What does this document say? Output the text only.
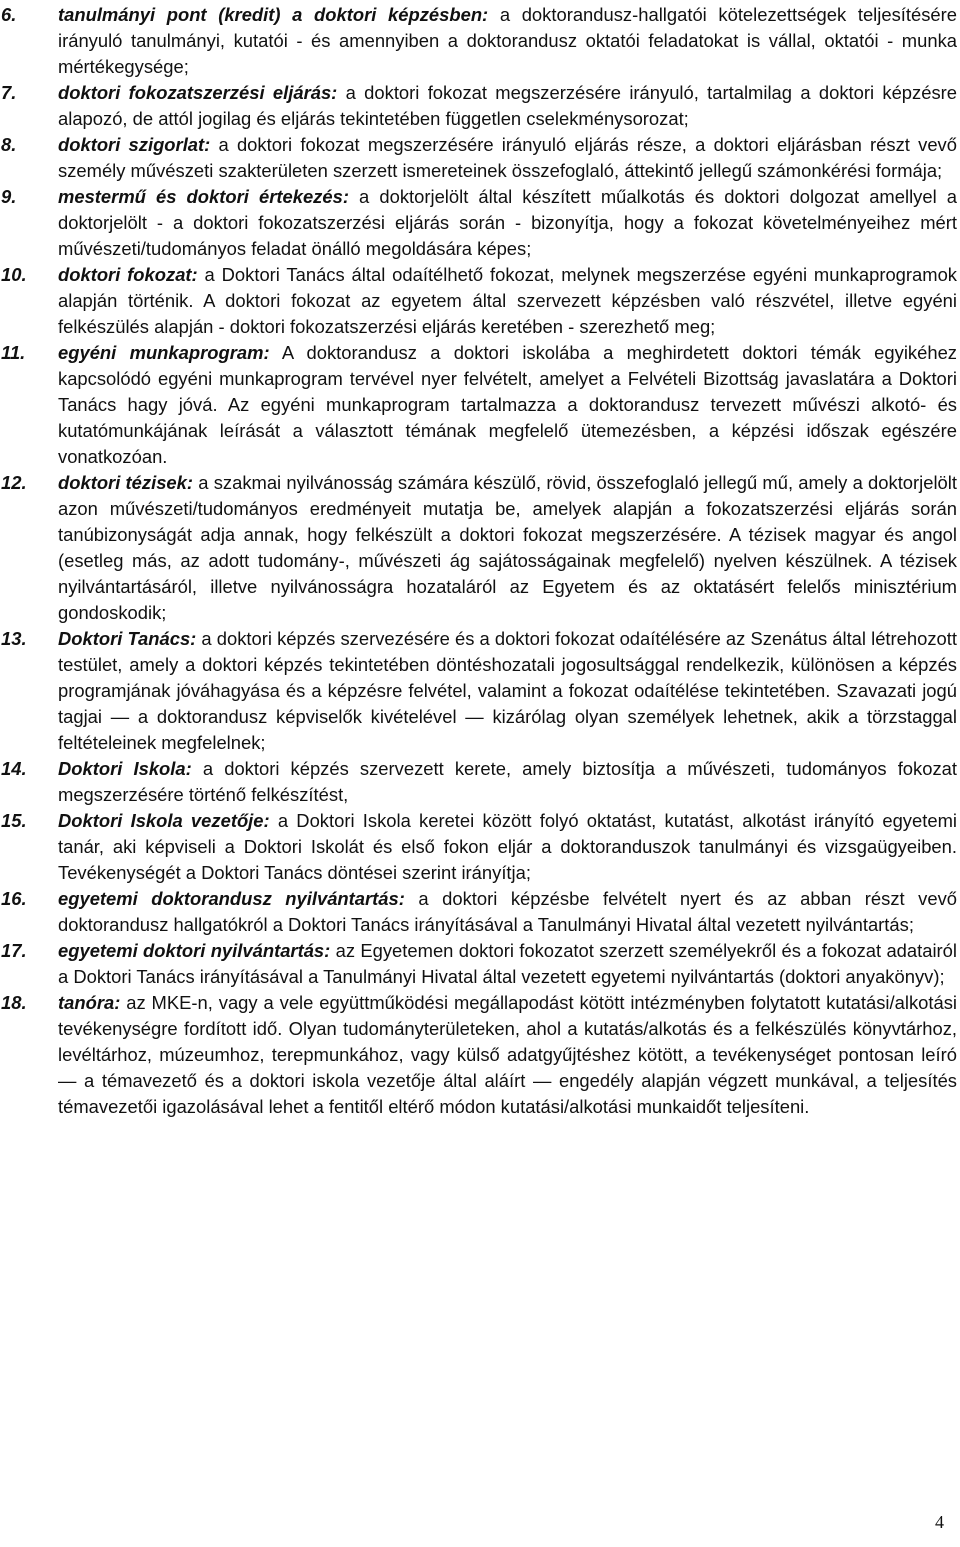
6. tanulmányi pont (kredit) a doktori képzésben: a doktorandusz-hallgatói kötelezettségek teljesítésére irányuló tanulmányi, kutatói - és amennyiben a doktorandusz oktatói feladatokat is vállal, oktatói - munka mértékegysége;
7. doktori fokozatszerzési eljárás: a doktori fokozat megszerzésére irányuló, tartalmilag a doktori képzésre alapozó, de attól jogilag és eljárás tekintetében független cselekménysorozat;
8. doktori szigorlat: a doktori fokozat megszerzésére irányuló eljárás része, a doktori eljárásban részt vevő személy művészeti szakterületen szerzett ismereteinek összefoglaló, áttekintő jellegű számonkérési formája;
9. mestermű és doktori értekezés: a doktorjelölt által készített műalkotás és doktori dolgozat amellyel a doktorjelölt - a doktori fokozatszerzési eljárás során - bizonyítja, hogy a fokozat követelményeihez mért művészeti/tudományos feladat önálló megoldására képes;
10. doktori fokozat: a Doktori Tanács által odaítélhető fokozat, melynek megszerzése egyéni munkaprogramok alapján történik. A doktori fokozat az egyetem által szervezett képzésben való részvétel, illetve egyéni felkészülés alapján - doktori fokozatszerzési eljárás keretében - szerezhető meg;
11. egyéni munkaprogram: A doktorandusz a doktori iskolába a meghirdetett doktori témák egyikéhez kapcsolódó egyéni munkaprogram tervével nyer felvételt, amelyet a Felvételi Bizottság javaslatára a Doktori Tanács hagy jóvá. Az egyéni munkaprogram tartalmazza a doktorandusz tervezett művészi alkotó- és kutatómunkájának leírását a választott témának megfelelő ütemezésben, a képzési időszak egészére vonatkozóan.
12. doktori tézisek: a szakmai nyilvánosság számára készülő, rövid, összefoglaló jellegű mű, amely a doktorjelölt azon művészeti/tudományos eredményeit mutatja be, amelyek alapján a fokozatszerzési eljárás során tanúbizonyságát adja annak, hogy felkészült a doktori fokozat megszerzésére. A tézisek magyar és angol (esetleg más, az adott tudomány-, művészeti ág sajátosságainak megfelelő) nyelven készülnek. A tézisek nyilvántartásáról, illetve nyilvánosságra hozataláról az Egyetem és az oktatásért felelős minisztérium gondoskodik;
13. Doktori Tanács: a doktori képzés szervezésére és a doktori fokozat odaítélésére az Szenátus által létrehozott testület, amely a doktori képzés tekintetében döntéshozatali jogosultsággal rendelkezik, különösen a képzés programjának jóváhagyása és a képzésre felvétel, valamint a fokozat odaítélése tekintetében. Szavazati jogú tagjai — a doktorandusz képviselők kivételével — kizárólag olyan személyek lehetnek, akik a törzstaggal feltételeinek megfelelnek;
14. Doktori Iskola: a doktori képzés szervezett kerete, amely biztosítja a művészeti, tudományos fokozat megszerzésére történő felkészítést,
15. Doktori Iskola vezetője: a Doktori Iskola keretei között folyó oktatást, kutatást, alkotást irányító egyetemi tanár, aki képviseli a Doktori Iskolát és első fokon eljár a doktoranduszok tanulmányi és vizsgaügyeiben. Tevékenységét a Doktori Tanács döntései szerint irányítja;
16. egyetemi doktorandusz nyilvántartás: a doktori képzésbe felvételt nyert és az abban részt vevő doktorandusz hallgatókról a Doktori Tanács irányításával a Tanulmányi Hivatal által vezetett nyilvántartás;
17. egyetemi doktori nyilvántartás: az Egyetemen doktori fokozatot szerzett személyekről és a fokozat adatairól a Doktori Tanács irányításával a Tanulmányi Hivatal által vezetett egyetemi nyilvántartás (doktori anyakönyv);
18. tanóra: az MKE-n, vagy a vele együttműködési megállapodást kötött intézményben folytatott kutatási/alkotási tevékenységre fordított idő. Olyan tudományterületeken, ahol a kutatás/alkotás és a felkészülés könyvtárhoz, levéltárhoz, múzeumhoz, terepmunkához, vagy külső adatgyűjtéshez kötött, a tevékenységet pontosan leíró — a témavezető és a doktori iskola vezetője által aláírt — engedély alapján végzett munkával, a teljesítés témavezetői igazolásával lehet a fentitől eltérő módon kutatási/alkotási munkaidőt teljesíteni.
4
